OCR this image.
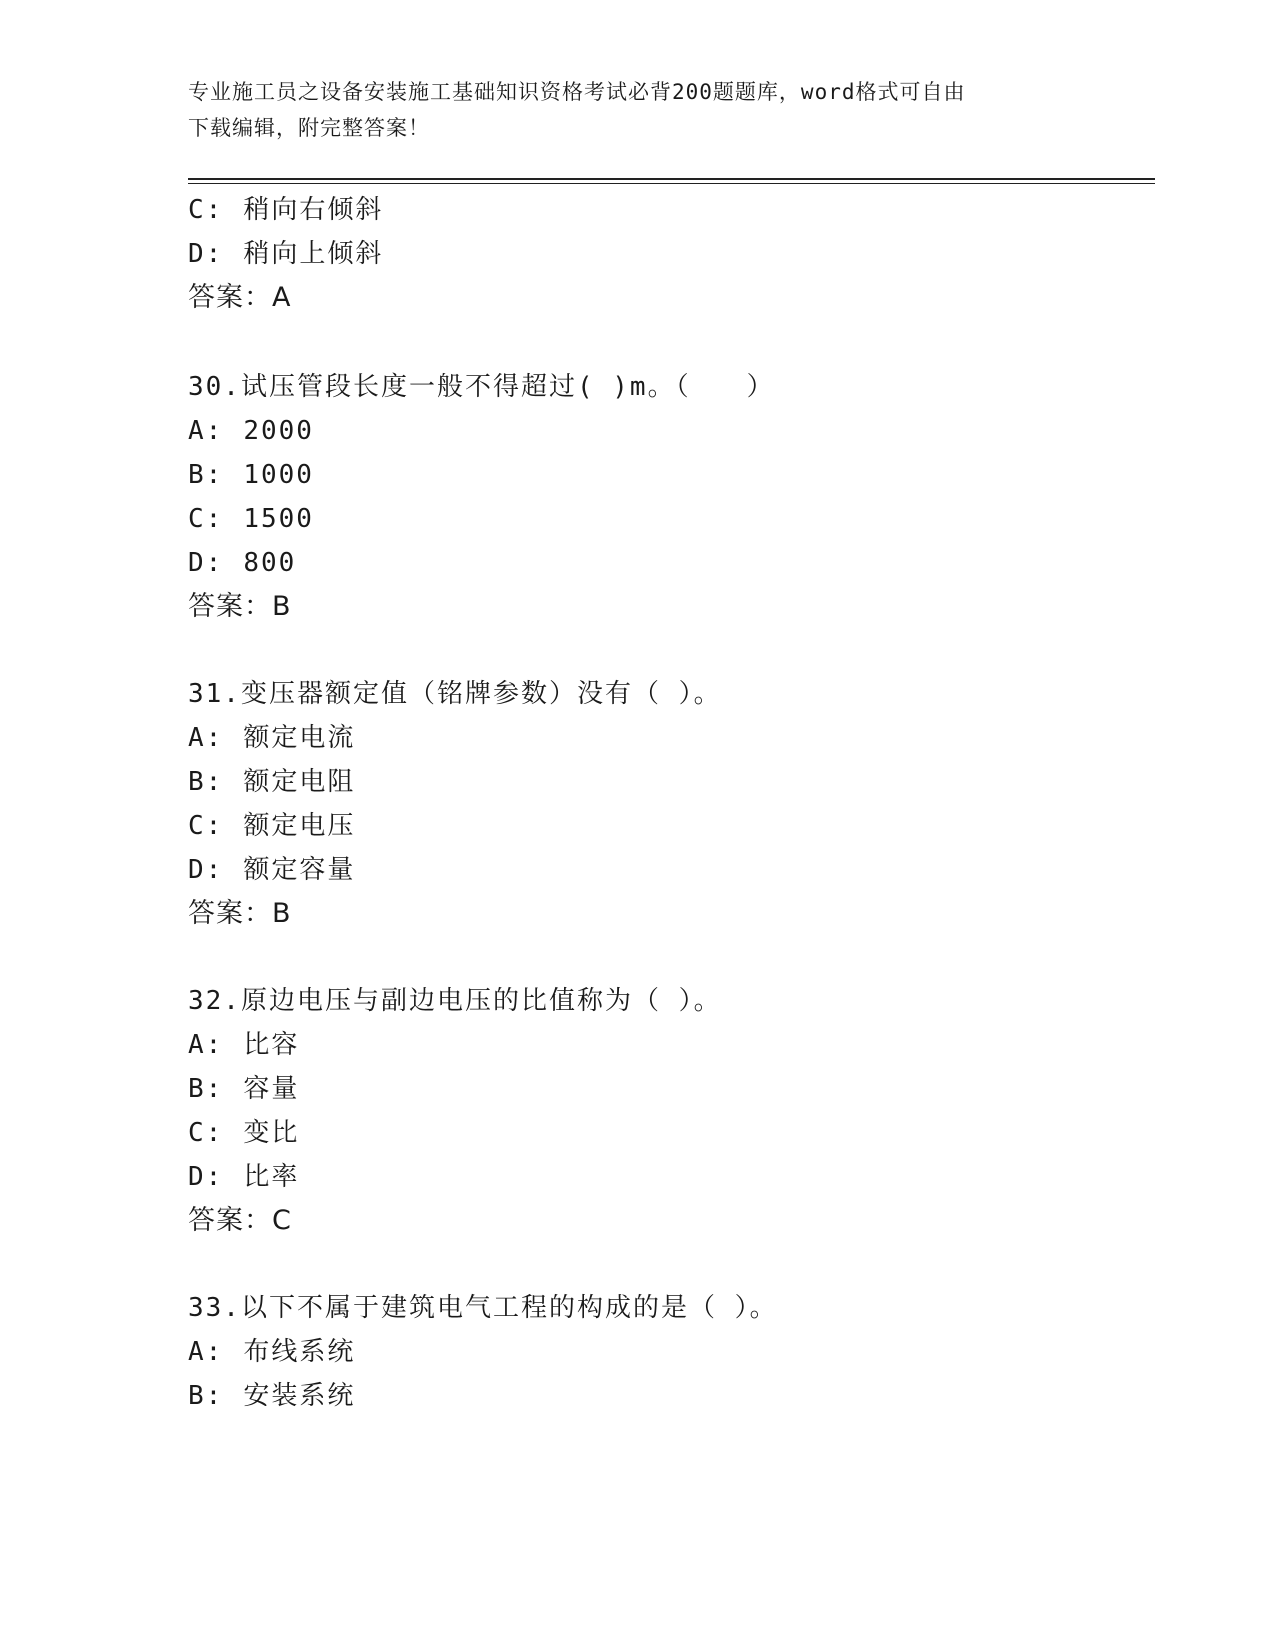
专业施工员之设备安装施工基础知识资格考试必背200题题库，word格式可自由
下载编辑，附完整答案！
C: 稍向右倾斜
D: 稍向上倾斜
答案：A
30.试压管段长度一般不得超过( )m。（　　）
A: 2000
B: 1000
C: 1500
D: 800
答案：B
31.变压器额定值（铭牌参数）没有（ ）。
A: 额定电流
B: 额定电阻
C: 额定电压
D: 额定容量
答案：B
32.原边电压与副边电压的比值称为（ ）。
A: 比容
B: 容量
C: 变比
D: 比率
答案：C
33.以下不属于建筑电气工程的构成的是（ ）。
A: 布线系统
B: 安装系统
